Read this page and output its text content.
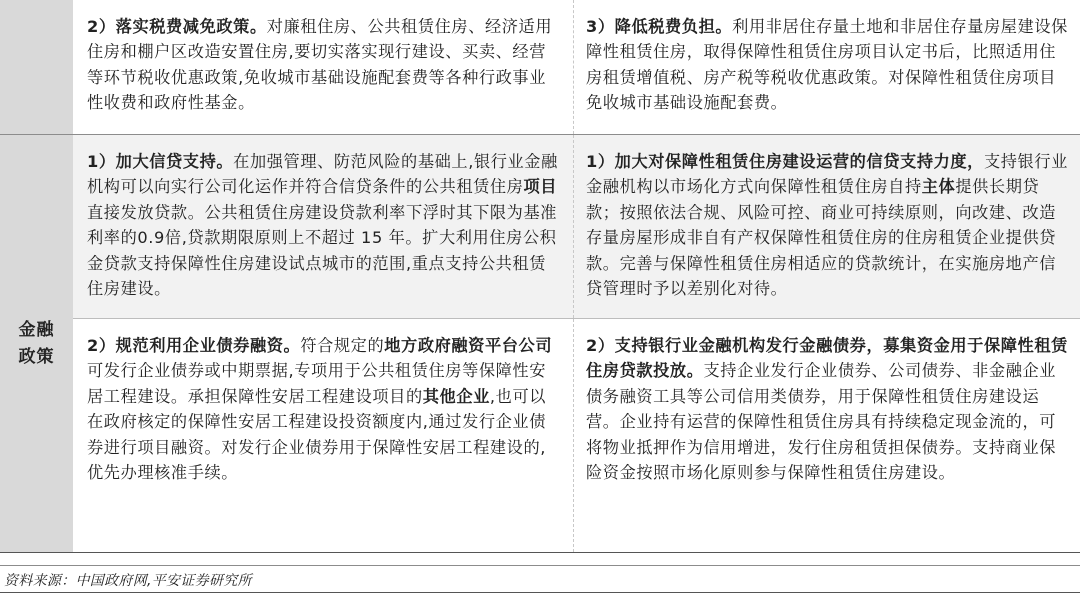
2）落实税费减免政策。对廉租住房、公共租赁住房、经济适用住房和棚户区改造安置住房,要切实落实现行建设、买卖、经营等环节税收优惠政策,免收城市基础设施配套费等各种行政事业性收费和政府性基金。
3）降低税费负担。利用非居住存量土地和非居住存量房屋建设保障性租赁住房，取得保障性租赁住房项目认定书后，比照适用住房租赁增值税、房产税等税收优惠政策。对保障性租赁住房项目免收城市基础设施配套费。
金融
政策
1）加大信贷支持。在加强管理、防范风险的基础上,银行业金融机构可以向实行公司化运作并符合信贷条件的公共租赁住房项目直接发放贷款。公共租赁住房建设贷款利率下浮时其下限为基准利率的0.9倍,贷款期限原则上不超过 15 年。扩大利用住房公积金贷款支持保障性住房建设试点城市的范围,重点支持公共租赁住房建设。
1）加大对保障性租赁住房建设运营的信贷支持力度，支持银行业金融机构以市场化方式向保障性租赁住房自持主体提供长期贷款；按照依法合规、风险可控、商业可持续原则，向改建、改造存量房屋形成非自有产权保障性租赁住房的住房租赁企业提供贷款。完善与保障性租赁住房相适应的贷款统计，在实施房地产信贷管理时予以差别化对待。
2）规范利用企业债券融资。符合规定的地方政府融资平台公司可发行企业债券或中期票据,专项用于公共租赁住房等保障性安居工程建设。承担保障性安居工程建设项目的其他企业,也可以在政府核定的保障性安居工程建设投资额度内,通过发行企业债券进行项目融资。对发行企业债券用于保障性安居工程建设的,优先办理核准手续。
2）支持银行业金融机构发行金融债券，募集资金用于保障性租赁住房贷款投放。支持企业发行企业债券、公司债券、非金融企业债务融资工具等公司信用类债券，用于保障性租赁住房建设运营。企业持有运营的保障性租赁住房具有持续稳定现金流的，可将物业抵押作为信用增进，发行住房租赁担保债券。支持商业保险资金按照市场化原则参与保障性租赁住房建设。
资料来源：中国政府网,平安证券研究所
